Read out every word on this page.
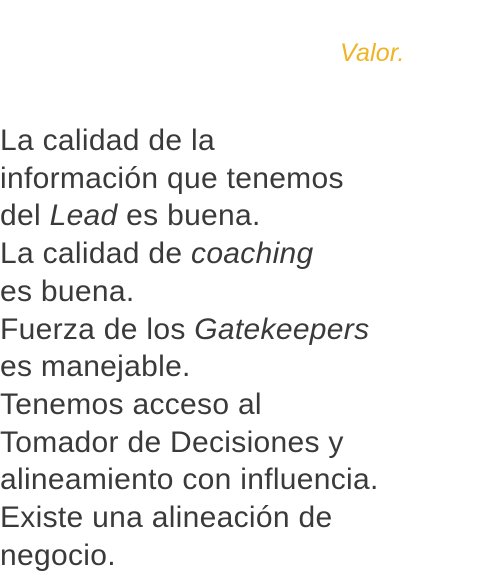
Valor.
La calidad de la
información que tenemos
del Lead es buena.
La calidad de coaching
es buena.
Fuerza de los Gatekeepers
es manejable.
Tenemos acceso al
Tomador de Decisiones y
alineamiento con influencia.
Existe una alineación de
negocio.
